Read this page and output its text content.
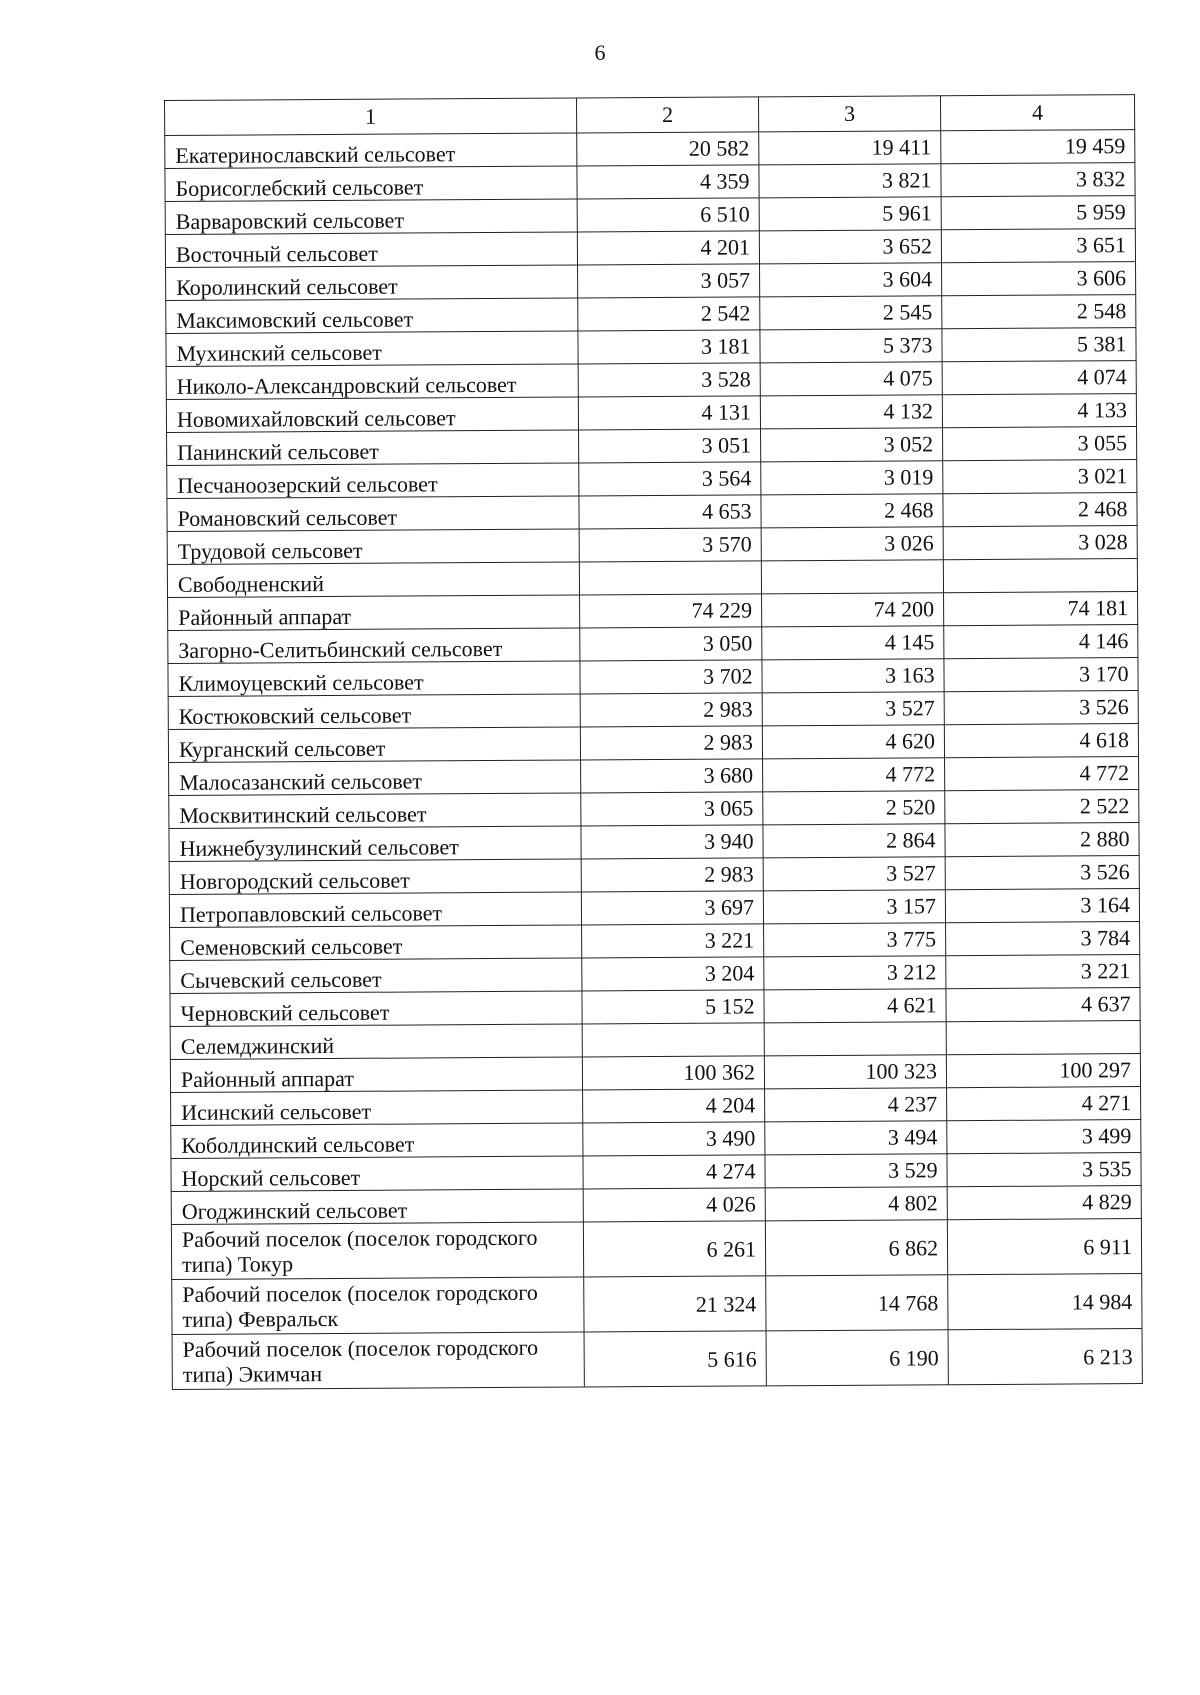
6
1	2	3	4
Екатеринославский сельсовет	20 582	19 411	19 459
Борисоглебский сельсовет	4 359	3 821	3 832
Варваровский сельсовет	6 510	5 961	5 959
Восточный сельсовет	4 201	3 652	3 651
Королинский сельсовет	3 057	3 604	3 606
Максимовский сельсовет	2 542	2 545	2 548
Мухинский сельсовет	3 181	5 373	5 381
Николо-Александровский сельсовет	3 528	4 075	4 074
Новомихайловский сельсовет	4 131	4 132	4 133
Панинский сельсовет	3 051	3 052	3 055
Песчаноозерский сельсовет	3 564	3 019	3 021
Романовский сельсовет	4 653	2 468	2 468
Трудовой сельсовет	3 570	3 026	3 028
Свободненский			
Районный аппарат	74 229	74 200	74 181
Загорно-Селитьбинский сельсовет	3 050	4 145	4 146
Климоуцевский сельсовет	3 702	3 163	3 170
Костюковский сельсовет	2 983	3 527	3 526
Курганский сельсовет	2 983	4 620	4 618
Малосазанский сельсовет	3 680	4 772	4 772
Москвитинский сельсовет	3 065	2 520	2 522
Нижнебузулинский сельсовет	3 940	2 864	2 880
Новгородский сельсовет	2 983	3 527	3 526
Петропавловский сельсовет	3 697	3 157	3 164
Семеновский сельсовет	3 221	3 775	3 784
Сычевский сельсовет	3 204	3 212	3 221
Черновский сельсовет	5 152	4 621	4 637
Селемджинский			
Районный аппарат	100 362	100 323	100 297
Исинский сельсовет	4 204	4 237	4 271
Коболдинский сельсовет	3 490	3 494	3 499
Норский сельсовет	4 274	3 529	3 535
Огоджинский сельсовет	4 026	4 802	4 829
Рабочий поселок (поселок городского типа) Токур	6 261	6 862	6 911
Рабочий поселок (поселок городского типа) Февральск	21 324	14 768	14 984
Рабочий поселок (поселок городского типа) Экимчан	5 616	6 190	6 213
